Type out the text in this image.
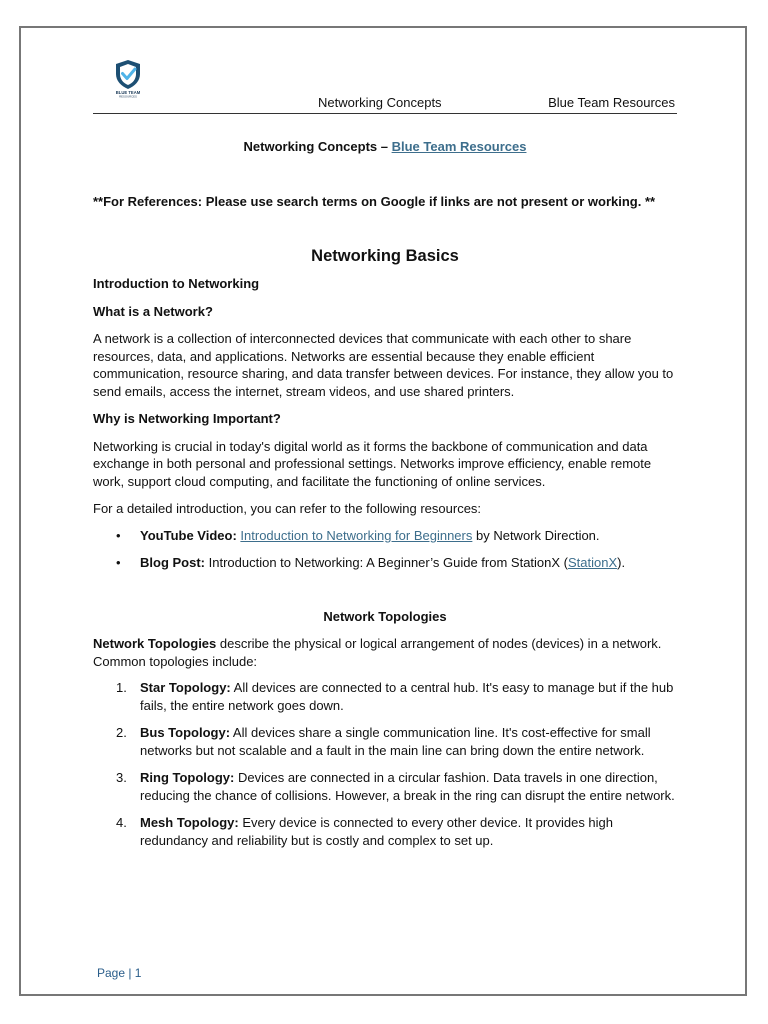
BLUE TEAM
RESOURCES	Networking Concepts	Blue Team Resources
Networking Concepts – Blue Team Resources
**For References: Please use search terms on Google if links are not present or working. **
Networking Basics

Introduction to Networking

What is a Network?

A network is a collection of interconnected devices that communicate with each other to share resources, data, and applications. Networks are essential because they enable efficient communication, resource sharing, and data transfer between devices. For instance, they allow you to send emails, access the internet, stream videos, and use shared printers.

Why is Networking Important?

Networking is crucial in today's digital world as it forms the backbone of communication and data exchange in both personal and professional settings. Networks improve efficiency, enable remote work, support cloud computing, and facilitate the functioning of online services.

For a detailed introduction, you can refer to the following resources:

• YouTube Video: Introduction to Networking for Beginners by Network Direction.
• Blog Post: Introduction to Networking: A Beginner’s Guide from StationX (StationX).
Network Topologies

Network Topologies describe the physical or logical arrangement of nodes (devices) in a network. Common topologies include:

1. Star Topology: All devices are connected to a central hub. It's easy to manage but if the hub fails, the entire network goes down.
2. Bus Topology: All devices share a single communication line. It's cost-effective for small networks but not scalable and a fault in the main line can bring down the entire network.
3. Ring Topology: Devices are connected in a circular fashion. Data travels in one direction, reducing the chance of collisions. However, a break in the ring can disrupt the entire network.
4. Mesh Topology: Every device is connected to every other device. It provides high redundancy and reliability but is costly and complex to set up.
Page | 1
